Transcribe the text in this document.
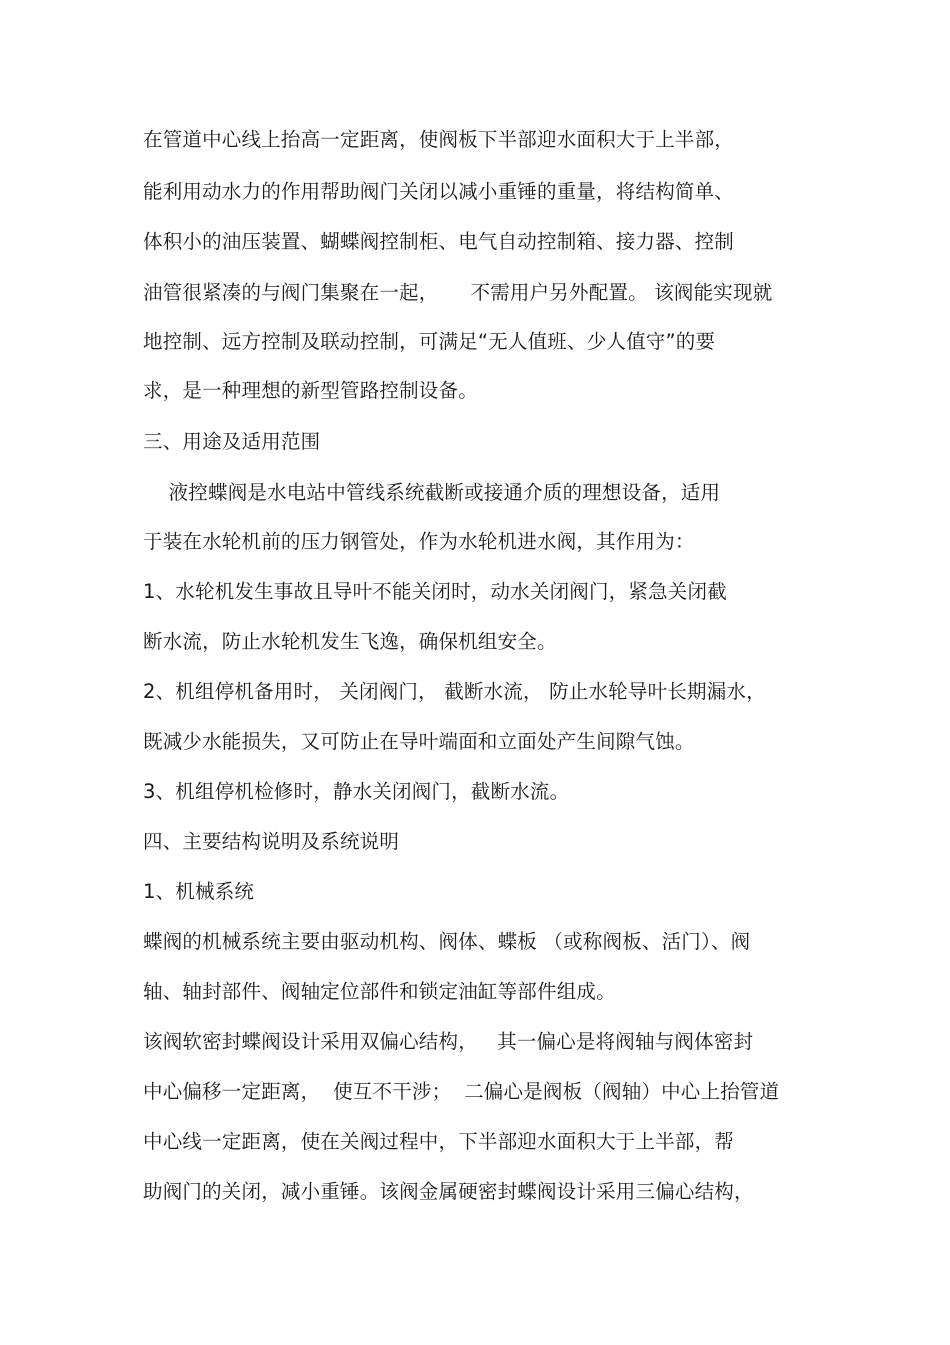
在管道中心线上抬高一定距离，使阀板下半部迎水面积大于上半部，
能利用动水力的作用帮助阀门关闭以减小重锤的重量，将结构简单、
体积小的油压装置、蝴蝶阀控制柜、电气自动控制箱、接力器、控制
油管很紧凑的与阀门集聚在一起，     不需用户另外配置。 该阀能实现就
地控制、远方控制及联动控制，可满足“无人值班、少人值守”的要
求，是一种理想的新型管路控制设备。
三、用途及适用范围
液控蝶阀是水电站中管线系统截断或接通介质的理想设备，适用
于装在水轮机前的压力钢管处，作为水轮机进水阀，其作用为：
1、水轮机发生事故且导叶不能关闭时，动水关闭阀门，紧急关闭截
断水流，防止水轮机发生飞逸，确保机组安全。
2、机组停机备用时， 关闭阀门， 截断水流， 防止水轮导叶长期漏水，
既减少水能损失，又可防止在导叶端面和立面处产生间隙气蚀。
3、机组停机检修时，静水关闭阀门，截断水流。
四、主要结构说明及系统说明
1、机械系统
蝶阀的机械系统主要由驱动机构、阀体、蝶板 （或称阀板、活门）、阀
轴、轴封部件、阀轴定位部件和锁定油缸等部件组成。
该阀软密封蝶阀设计采用双偏心结构，   其一偏心是将阀轴与阀体密封
中心偏移一定距离，  使互不干涉；  二偏心是阀板（阀轴）中心上抬管道
中心线一定距离，使在关阀过程中，下半部迎水面积大于上半部，帮
助阀门的关闭，减小重锤。该阀金属硬密封蝶阀设计采用三偏心结构，
